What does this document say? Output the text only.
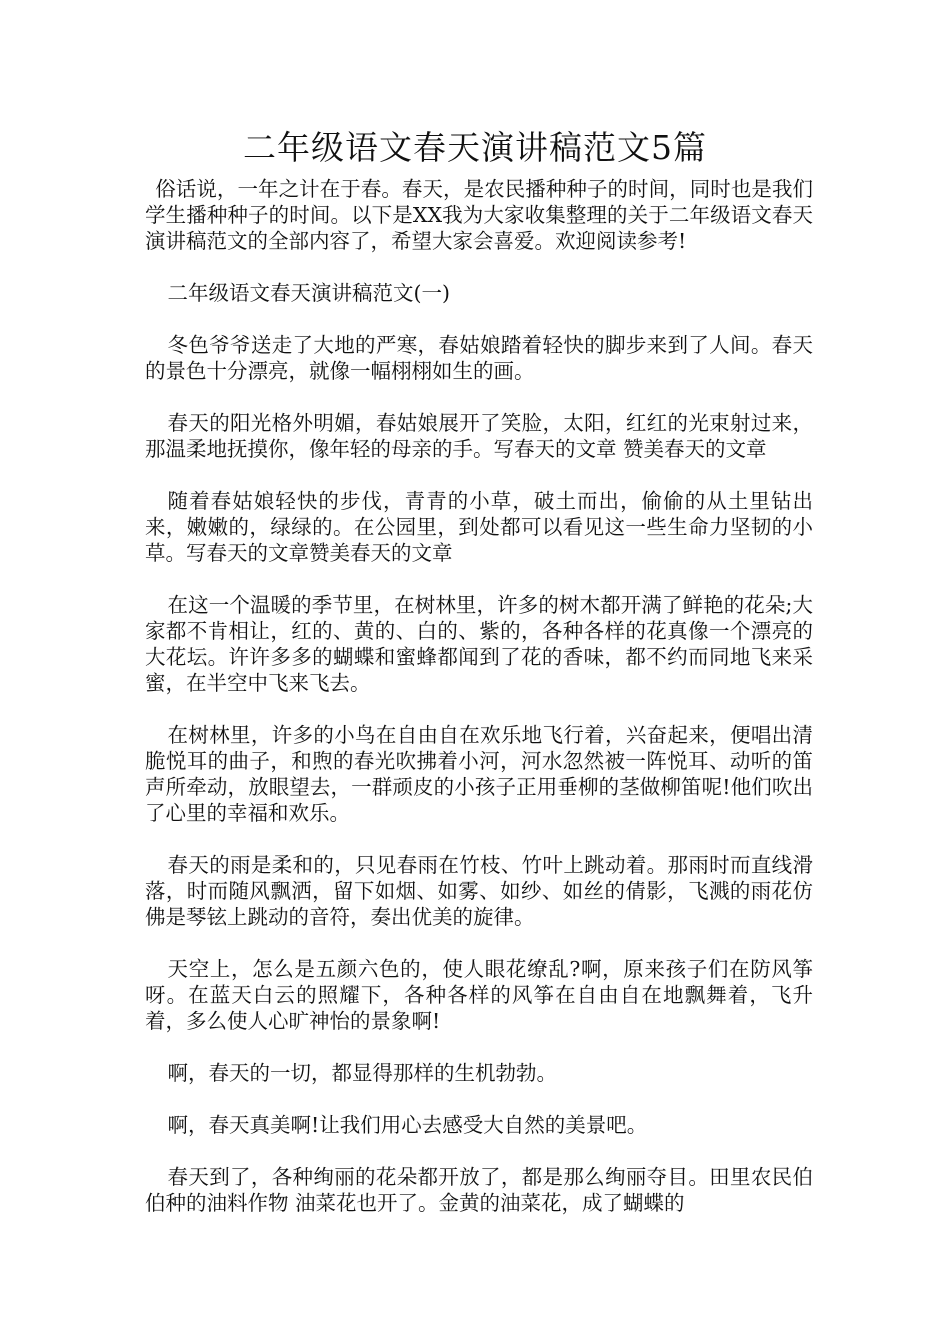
二年级语文春天演讲稿范文5篇

俗话说，一年之计在于春。春天，是农民播种种子的时间，同时也是我们学生播种种子的时间。以下是XX我为大家收集整理的关于二年级语文春天演讲稿范文的全部内容了，希望大家会喜爱。欢迎阅读参考!

二年级语文春天演讲稿范文(一)

冬色爷爷送走了大地的严寒，春姑娘踏着轻快的脚步来到了人间。春天的景色十分漂亮，就像一幅栩栩如生的画。

春天的阳光格外明媚，春姑娘展开了笑脸，太阳，红红的光束射过来，那温柔地抚摸你，像年轻的母亲的手。写春天的文章 赞美春天的文章

随着春姑娘轻快的步伐，青青的小草，破土而出，偷偷的从土里钻出来，嫩嫩的，绿绿的。在公园里，到处都可以看见这一些生命力坚韧的小草。写春天的文章赞美春天的文章

在这一个温暖的季节里，在树林里，许多的树木都开满了鲜艳的花朵;大家都不肯相让，红的、黄的、白的、紫的，各种各样的花真像一个漂亮的大花坛。许许多多的蝴蝶和蜜蜂都闻到了花的香味，都不约而同地飞来采蜜，在半空中飞来飞去。

在树林里，许多的小鸟在自由自在欢乐地飞行着，兴奋起来，便唱出清脆悦耳的曲子，和煦的春光吹拂着小河，河水忽然被一阵悦耳、动听的笛声所牵动，放眼望去，一群顽皮的小孩子正用垂柳的茎做柳笛呢!他们吹出了心里的幸福和欢乐。

春天的雨是柔和的，只见春雨在竹枝、竹叶上跳动着。那雨时而直线滑落，时而随风飘洒，留下如烟、如雾、如纱、如丝的倩影，飞溅的雨花仿佛是琴铉上跳动的音符，奏出优美的旋律。

天空上，怎么是五颜六色的，使人眼花缭乱?啊，原来孩子们在防风筝呀。在蓝天白云的照耀下，各种各样的风筝在自由自在地飘舞着，飞升着，多么使人心旷神怡的景象啊!

啊，春天的一切，都显得那样的生机勃勃。

啊，春天真美啊!让我们用心去感受大自然的美景吧。

春天到了，各种绚丽的花朵都开放了，都是那么绚丽夺目。田里农民伯伯种的油料作物 油菜花也开了。金黄的油菜花，成了蝴蝶的
